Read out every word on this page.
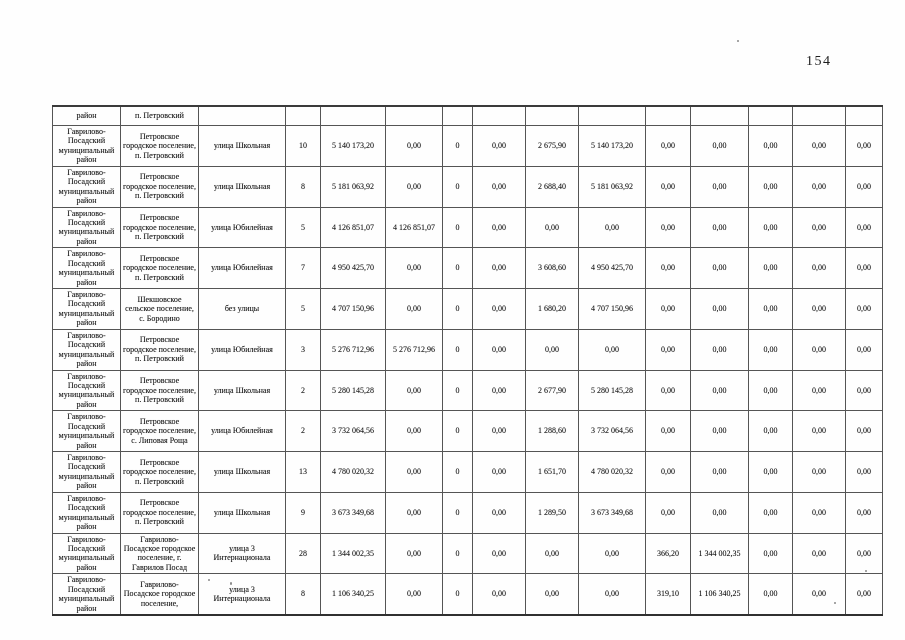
154
район	п. Петровский													
Гаврилово-Посадский муниципальный район	Петровское городское поселение, п. Петровский	улица Школьная	10	5 140 173,20	0,00	0	0,00	2 675,90	5 140 173,20	0,00	0,00	0,00	0,00	0,00
Гаврилово-Посадский муниципальный район	Петровское городское поселение, п. Петровский	улица Школьная	8	5 181 063,92	0,00	0	0,00	2 688,40	5 181 063,92	0,00	0,00	0,00	0,00	0,00
Гаврилово-Посадский муниципальный район	Петровское городское поселение, п. Петровский	улица Юбилейная	5	4 126 851,07	4 126 851,07	0	0,00	0,00	0,00	0,00	0,00	0,00	0,00	0,00
Гаврилово-Посадский муниципальный район	Петровское городское поселение, п. Петровский	улица Юбилейная	7	4 950 425,70	0,00	0	0,00	3 608,60	4 950 425,70	0,00	0,00	0,00	0,00	0,00
Гаврилово-Посадский муниципальный район	Шекшовское сельское поселение, с. Бородино	без улицы	5	4 707 150,96	0,00	0	0,00	1 680,20	4 707 150,96	0,00	0,00	0,00	0,00	0,00
Гаврилово-Посадский муниципальный район	Петровское городское поселение, п. Петровский	улица Юбилейная	3	5 276 712,96	5 276 712,96	0	0,00	0,00	0,00	0,00	0,00	0,00	0,00	0,00
Гаврилово-Посадский муниципальный район	Петровское городское поселение, п. Петровский	улица Школьная	2	5 280 145,28	0,00	0	0,00	2 677,90	5 280 145,28	0,00	0,00	0,00	0,00	0,00
Гаврилово-Посадский муниципальный район	Петровское городское поселение, с. Липовая Роща	улица Юбилейная	2	3 732 064,56	0,00	0	0,00	1 288,60	3 732 064,56	0,00	0,00	0,00	0,00	0,00
Гаврилово-Посадский муниципальный район	Петровское городское поселение, п. Петровский	улица Школьная	13	4 780 020,32	0,00	0	0,00	1 651,70	4 780 020,32	0,00	0,00	0,00	0,00	0,00
Гаврилово-Посадский муниципальный район	Петровское городское поселение, п. Петровский	улица Школьная	9	3 673 349,68	0,00	0	0,00	1 289,50	3 673 349,68	0,00	0,00	0,00	0,00	0,00
Гаврилово-Посадский муниципальный район	Гаврилово-Посадское городское поселение, г. Гаврилов Посад	улица 3 Интернационала	28	1 344 002,35	0,00	0	0,00	0,00	0,00	366,20	1 344 002,35	0,00	0,00	0,00
Гаврилово-Посадский муниципальный район	Гаврилово-Посадское городское поселение,	улица 3 Интернационала	8	1 106 340,25	0,00	0	0,00	0,00	0,00	319,10	1 106 340,25	0,00	0,00	0,00
